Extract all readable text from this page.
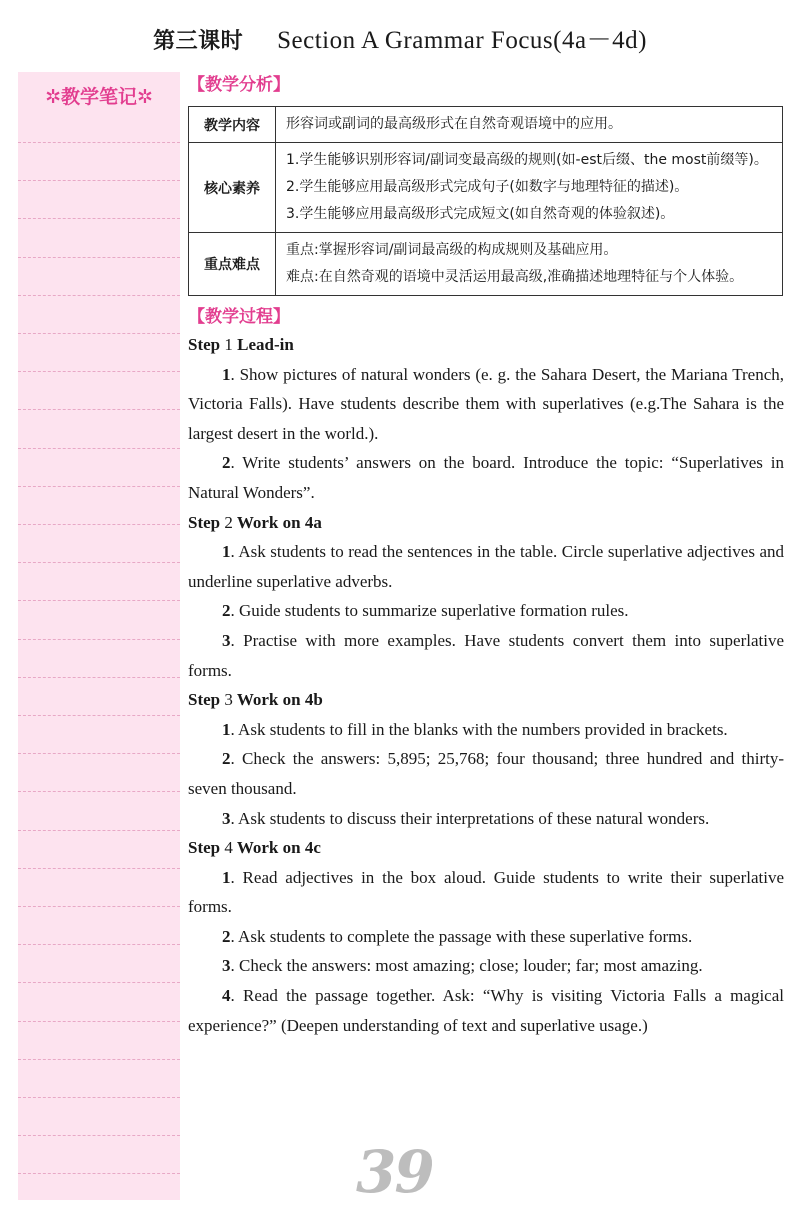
第三课时 Section A Grammar Focus(4a－4d)
✲教学笔记✲
【教学分析】
教学内容	形容词或副词的最高级形式在自然奇观语境中的应用。

核心素养	1.学生能够识别形容词/副词变最高级的规则(如-est后缀、the most前缀等)。
2.学生能够应用最高级形式完成句子(如数字与地理特征的描述)。
3.学生能够应用最高级形式完成短文(如自然奇观的体验叙述)。

重点难点	重点:掌握形容词/副词最高级的构成规则及基础应用。
难点:在自然奇观的语境中灵活运用最高级,准确描述地理特征与个人体验。
【教学过程】
Step 1 Lead-in
1. Show pictures of natural wonders (e. g. the Sahara Desert, the Mariana Trench, Victoria Falls). Have students describe them with superlatives (e.g.The Sahara is the largest desert in the world.).
2. Write students’ answers on the board. Introduce the topic: “Superlatives in Natural Wonders”.
Step 2 Work on 4a
1. Ask students to read the sentences in the table. Circle superlative adjectives and underline superlative adverbs.
2. Guide students to summarize superlative formation rules.
3. Practise with more examples. Have students convert them into superlative forms.
Step 3 Work on 4b
1. Ask students to fill in the blanks with the numbers provided in brackets.
2. Check the answers: 5,895; 25,768; four thousand; three hundred and thirty-seven thousand.
3. Ask students to discuss their interpretations of these natural wonders.
Step 4 Work on 4c
1. Read adjectives in the box aloud. Guide students to write their superlative forms.
2. Ask students to complete the passage with these superlative forms.
3. Check the answers: most amazing; close; louder; far; most amazing.
4. Read the passage together. Ask: “Why is visiting Victoria Falls a magical experience?” (Deepen understanding of text and superlative usage.)
39
